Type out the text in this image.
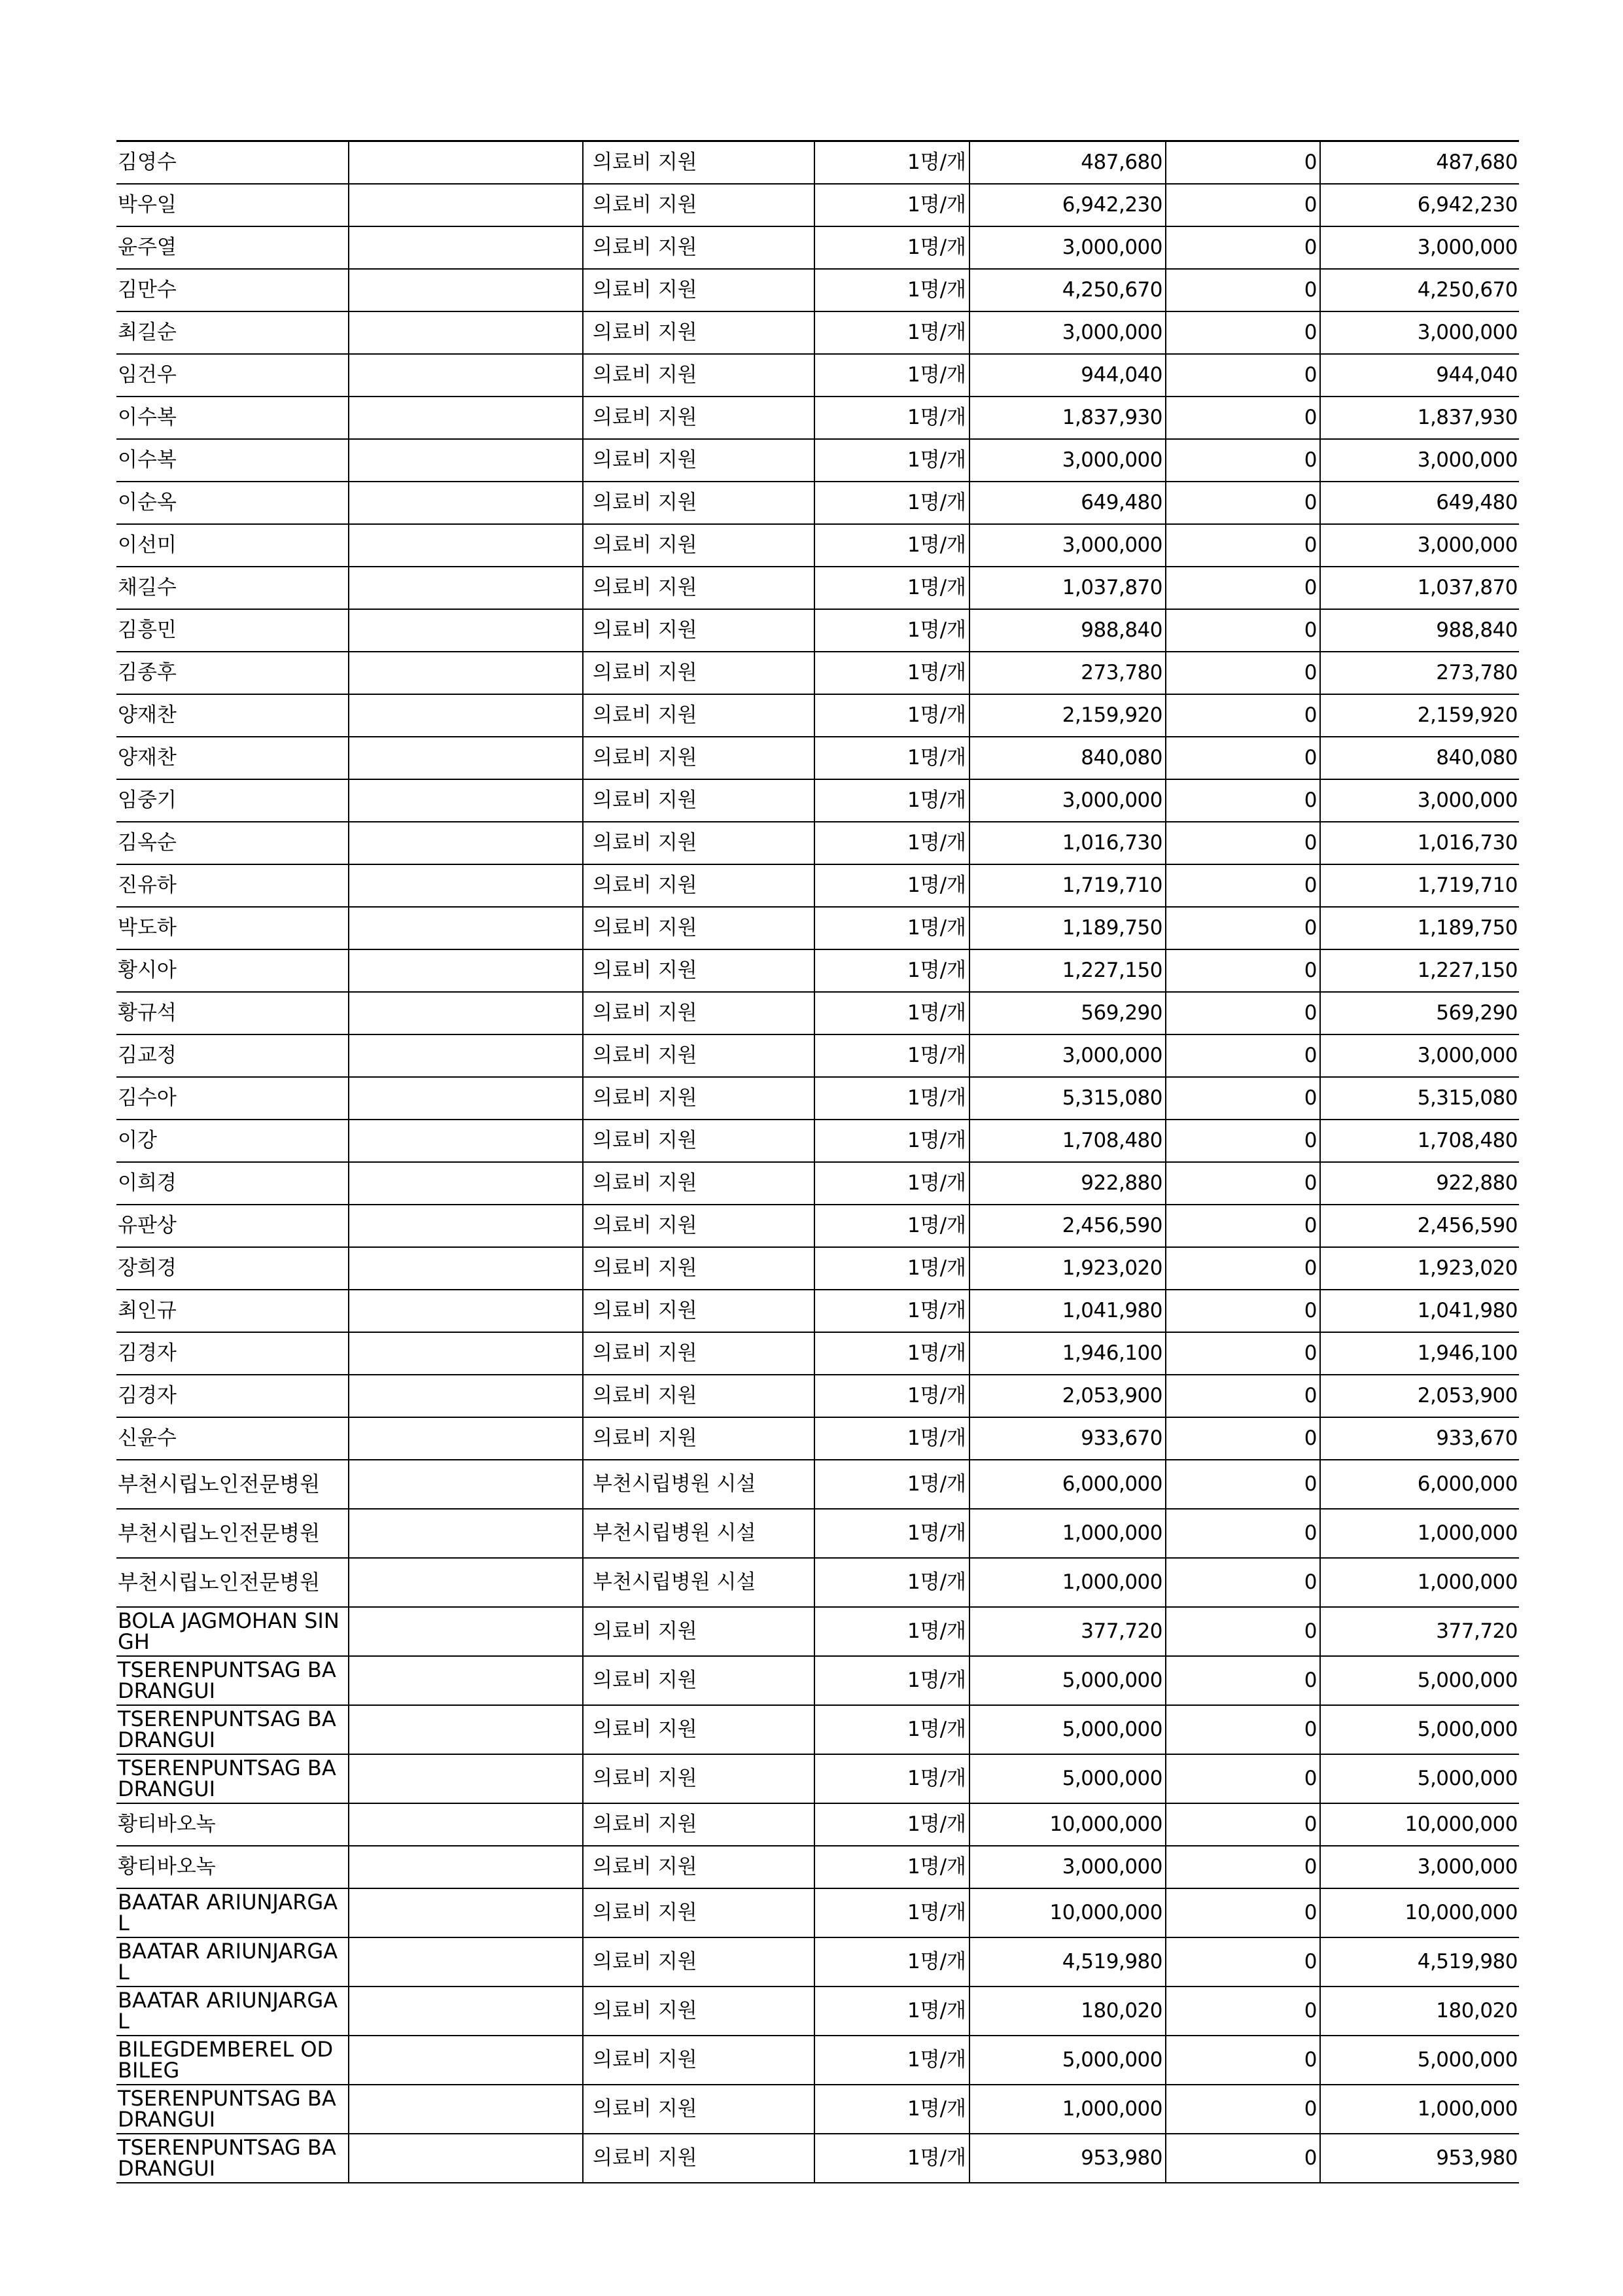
김영수		의료비 지원	1명/개	487,680	0	487,680
박우일		의료비 지원	1명/개	6,942,230	0	6,942,230
윤주열		의료비 지원	1명/개	3,000,000	0	3,000,000
김만수		의료비 지원	1명/개	4,250,670	0	4,250,670
최길순		의료비 지원	1명/개	3,000,000	0	3,000,000
임건우		의료비 지원	1명/개	944,040	0	944,040
이수복		의료비 지원	1명/개	1,837,930	0	1,837,930
이수복		의료비 지원	1명/개	3,000,000	0	3,000,000
이순옥		의료비 지원	1명/개	649,480	0	649,480
이선미		의료비 지원	1명/개	3,000,000	0	3,000,000
채길수		의료비 지원	1명/개	1,037,870	0	1,037,870
김흥민		의료비 지원	1명/개	988,840	0	988,840
김종후		의료비 지원	1명/개	273,780	0	273,780
양재찬		의료비 지원	1명/개	2,159,920	0	2,159,920
양재찬		의료비 지원	1명/개	840,080	0	840,080
임중기		의료비 지원	1명/개	3,000,000	0	3,000,000
김옥순		의료비 지원	1명/개	1,016,730	0	1,016,730
진유하		의료비 지원	1명/개	1,719,710	0	1,719,710
박도하		의료비 지원	1명/개	1,189,750	0	1,189,750
황시아		의료비 지원	1명/개	1,227,150	0	1,227,150
황규석		의료비 지원	1명/개	569,290	0	569,290
김교정		의료비 지원	1명/개	3,000,000	0	3,000,000
김수아		의료비 지원	1명/개	5,315,080	0	5,315,080
이강		의료비 지원	1명/개	1,708,480	0	1,708,480
이희경		의료비 지원	1명/개	922,880	0	922,880
유판상		의료비 지원	1명/개	2,456,590	0	2,456,590
장희경		의료비 지원	1명/개	1,923,020	0	1,923,020
최인규		의료비 지원	1명/개	1,041,980	0	1,041,980
김경자		의료비 지원	1명/개	1,946,100	0	1,946,100
김경자		의료비 지원	1명/개	2,053,900	0	2,053,900
신윤수		의료비 지원	1명/개	933,670	0	933,670
부천시립노인전문병원		부천시립병원 시설	1명/개	6,000,000	0	6,000,000
부천시립노인전문병원		부천시립병원 시설	1명/개	1,000,000	0	1,000,000
부천시립노인전문병원		부천시립병원 시설	1명/개	1,000,000	0	1,000,000
BOLA JAGMOHAN SINGH		의료비 지원	1명/개	377,720	0	377,720
TSERENPUNTSAG BADRANGUI		의료비 지원	1명/개	5,000,000	0	5,000,000
TSERENPUNTSAG BADRANGUI		의료비 지원	1명/개	5,000,000	0	5,000,000
TSERENPUNTSAG BADRANGUI		의료비 지원	1명/개	5,000,000	0	5,000,000
황티바오녹		의료비 지원	1명/개	10,000,000	0	10,000,000
황티바오녹		의료비 지원	1명/개	3,000,000	0	3,000,000
BAATAR ARIUNJARGAL		의료비 지원	1명/개	10,000,000	0	10,000,000
BAATAR ARIUNJARGAL		의료비 지원	1명/개	4,519,980	0	4,519,980
BAATAR ARIUNJARGAL		의료비 지원	1명/개	180,020	0	180,020
BILEGDEMBEREL ODBILEG		의료비 지원	1명/개	5,000,000	0	5,000,000
TSERENPUNTSAG BADRANGUI		의료비 지원	1명/개	1,000,000	0	1,000,000
TSERENPUNTSAG BADRANGUI		의료비 지원	1명/개	953,980	0	953,980
